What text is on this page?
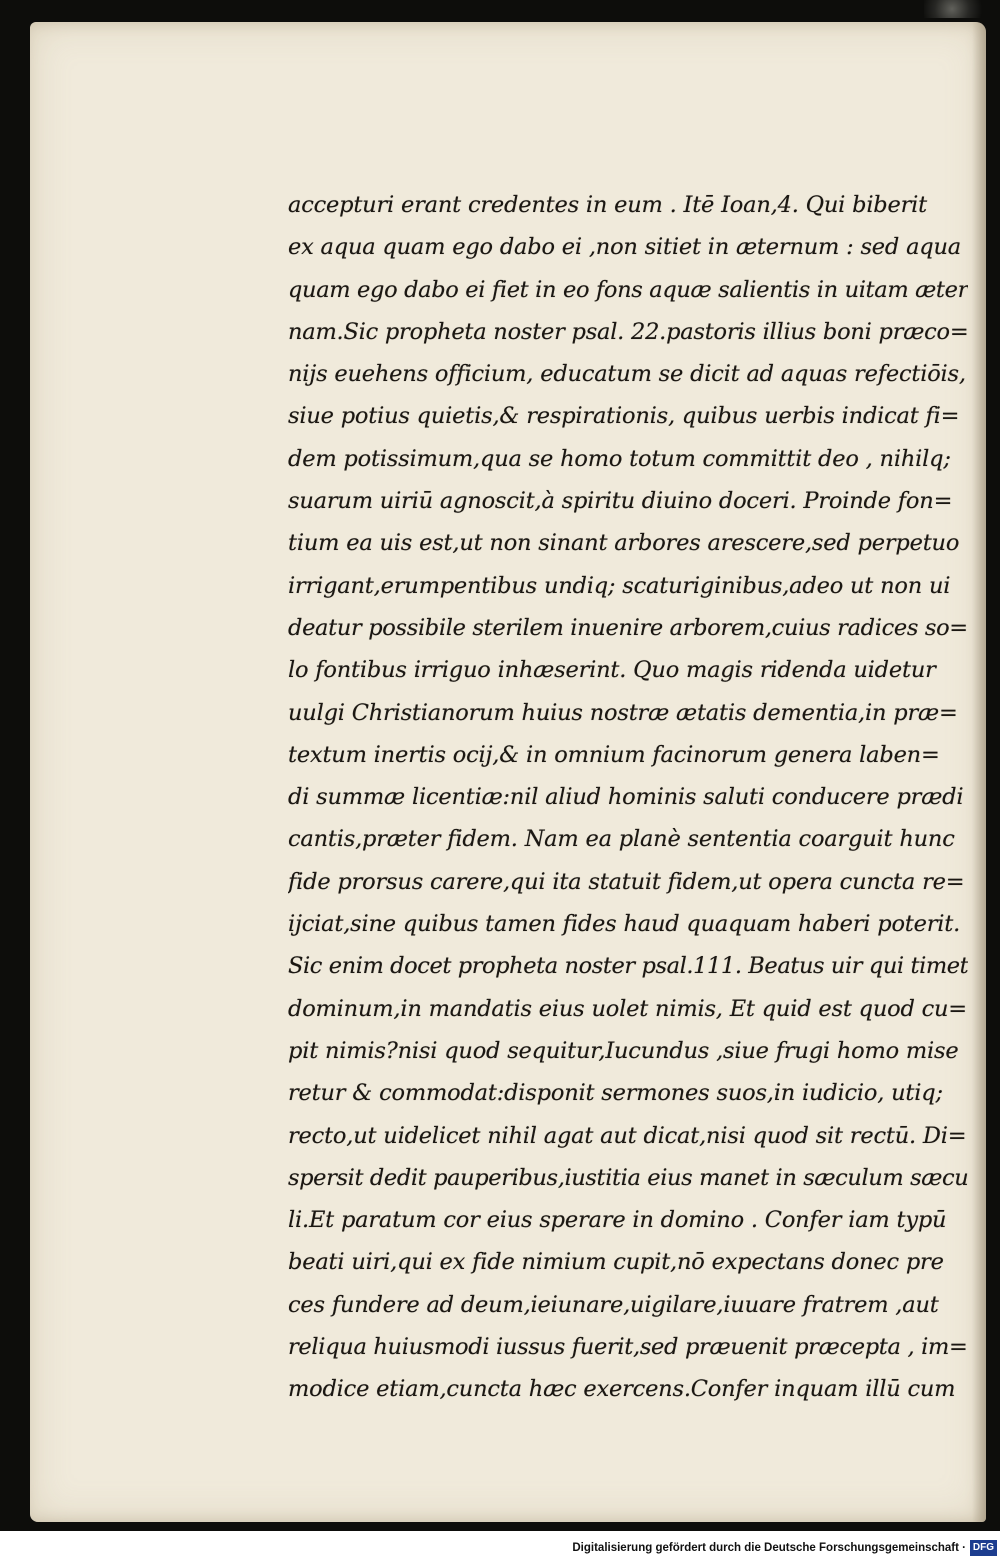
accepturi erant credentes in eum . Itē Ioan,4. Qui biberit
ex aqua quam ego dabo ei ,non sitiet in æternum : sed aqua
quam ego dabo ei fiet in eo fons aquæ salientis in uitam æter
nam.Sic propheta noster psal. 22.pastoris illius boni præco=
nijs euehens officium, educatum se dicit ad aquas refectiōis,
siue potius quietis,& respirationis, quibus uerbis indicat fi=
dem potissimum,qua se homo totum committit deo , nihilq;
suarum uiriū agnoscit,à spiritu diuino doceri. Proinde fon=
tium ea uis est,ut non sinant arbores arescere,sed perpetuo
irrigant,erumpentibus undiq; scaturiginibus,adeo ut non ui
deatur possibile sterilem inuenire arborem,cuius radices so=
lo fontibus irriguo inhæserint. Quo magis ridenda uidetur
uulgi Christianorum huius nostræ ætatis dementia,in præ=
textum inertis ocij,& in omnium facinorum genera laben=
di summæ licentiæ:nil aliud hominis saluti conducere prædi
cantis,præter fidem. Nam ea planè sententia coarguit hunc
fide prorsus carere,qui ita statuit fidem,ut opera cuncta re=
ijciat,sine quibus tamen fides haud quaquam haberi poterit.
Sic enim docet propheta noster psal.111. Beatus uir qui timet
dominum,in mandatis eius uolet nimis, Et quid est quod cu=
pit nimis?nisi quod sequitur,Iucundus ,siue frugi homo mise
retur & commodat:disponit sermones suos,in iudicio, utiq;
recto,ut uidelicet nihil agat aut dicat,nisi quod sit rectū. Di=
spersit dedit pauperibus,iustitia eius manet in sæculum sæcu
li.Et paratum cor eius sperare in domino . Confer iam typū
beati uiri,qui ex fide nimium cupit,nō expectans donec pre
ces fundere ad deum,ieiunare,uigilare,iuuare fratrem ,aut
reliqua huiusmodi iussus fuerit,sed præuenit præcepta , im=
modice etiam,cuncta hæc exercens.Confer inquam illū cum
Digitalisierung gefördert durch die Deutsche Forschungsgemeinschaft · DFG
